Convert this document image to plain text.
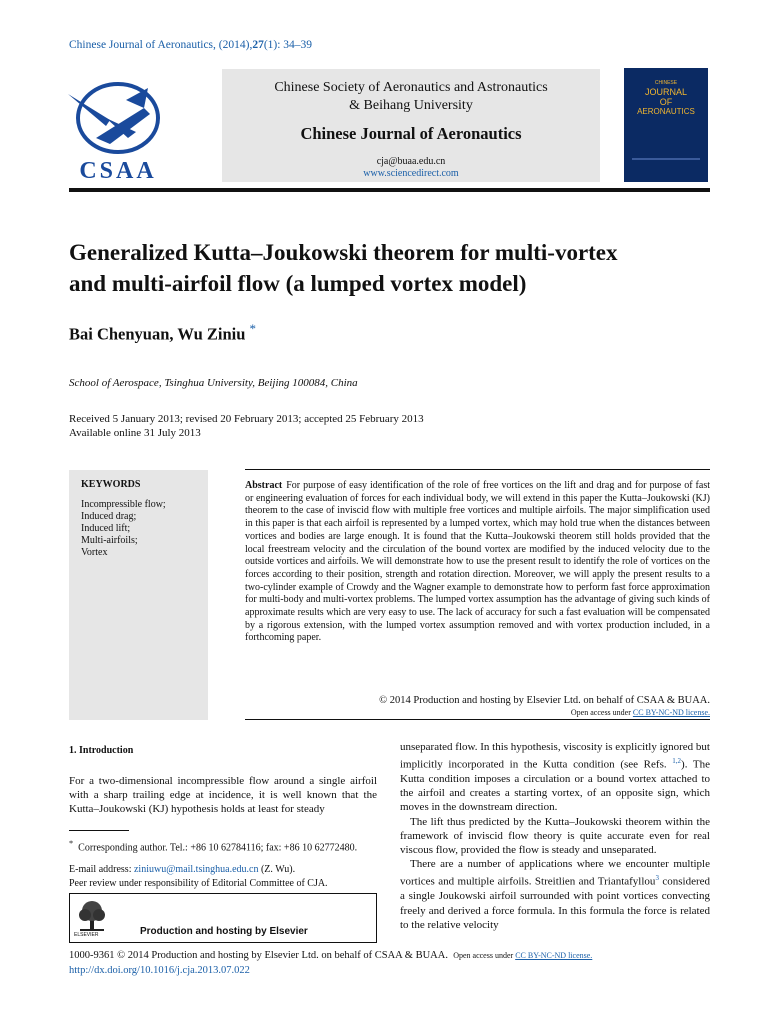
Chinese Journal of Aeronautics, (2014),27(1): 34–39
CSAA
Chinese Society of Aeronautics and Astronautics
& Beihang University
Chinese Journal of Aeronautics
cja@buaa.edu.cn
www.sciencedirect.com

CHINESE
JOURNAL
OF
AERONAUTICS
Generalized Kutta–Joukowski theorem for multi-vortex
and multi-airfoil flow (a lumped vortex model)
Bai Chenyuan, Wu Ziniu *
School of Aerospace, Tsinghua University, Beijing 100084, China
Received 5 January 2013; revised 20 February 2013; accepted 25 February 2013
Available online 31 July 2013
KEYWORDS
Incompressible flow;
Induced drag;
Induced lift;
Multi-airfoils;
Vortex
Abstract For purpose of easy identification of the role of free vortices on the lift and drag and for purpose of fast or engineering evaluation of forces for each individual body, we will extend in this paper the Kutta–Joukowski (KJ) theorem to the case of inviscid flow with multiple free vortices and multiple airfoils. The major simplification used in this paper is that each airfoil is represented by a lumped vortex, which may hold true when the distances between vortices and bodies are large enough. It is found that the Kutta–Joukowski theorem still holds provided that the local freestream velocity and the circulation of the bound vortex are modified by the induced velocity due to the outside vortices and airfoils. We will demonstrate how to use the present result to identify the role of vortices on the forces according to their position, strength and rotation direction. Moreover, we will apply the present results to a two-cylinder example of Crowdy and the Wagner example to demonstrate how to perform fast force approximation for multi-body and multi-vortex problems. The lumped vortex assumption has the advantage of giving such kinds of approximate results which are very easy to use. The lack of accuracy for such a fast evaluation will be compensated by a rigorous extension, with the lumped vortex assumption removed and with vortex production included, in a forthcoming paper.
© 2014 Production and hosting by Elsevier Ltd. on behalf of CSAA & BUAA.
Open access under CC BY-NC-ND license.
1. Introduction
For a two-dimensional incompressible flow around a single airfoil with a sharp trailing edge at incidence, it is well known that the Kutta–Joukowski (KJ) hypothesis holds at least for steady
* Corresponding author. Tel.: +86 10 62784116; fax: +86 10 62772480.
E-mail address: ziniuwu@mail.tsinghua.edu.cn (Z. Wu).
Peer review under responsibility of Editorial Committee of CJA.
ELSEVIER	Production and hosting by Elsevier

unseparated flow. In this hypothesis, viscosity is explicitly ignored but implicitly incorporated in the Kutta condition (see Refs. $^{1,2}$). The Kutta condition imposes a circulation or a bound vortex attached to the airfoil and creates a starting vortex, of an opposite sign, which moves in the downstream direction.

The lift thus predicted by the Kutta–Joukowski theorem within the framework of inviscid flow theory is quite accurate even for real viscous flow, provided the flow is steady and unseparated.

There are a number of applications where we encounter multiple vortices and multiple airfoils. Streitlien and Triantafyllou$^3$ considered a single Joukowski airfoil surrounded with point vortices convecting freely and derived a force formula. In this formula the force is related to the relative velocity

1000-9361 © 2014 Production and hosting by Elsevier Ltd. on behalf of CSAA & BUAA. Open access under CC BY-NC-ND license.
http://dx.doi.org/10.1016/j.cja.2013.07.022
